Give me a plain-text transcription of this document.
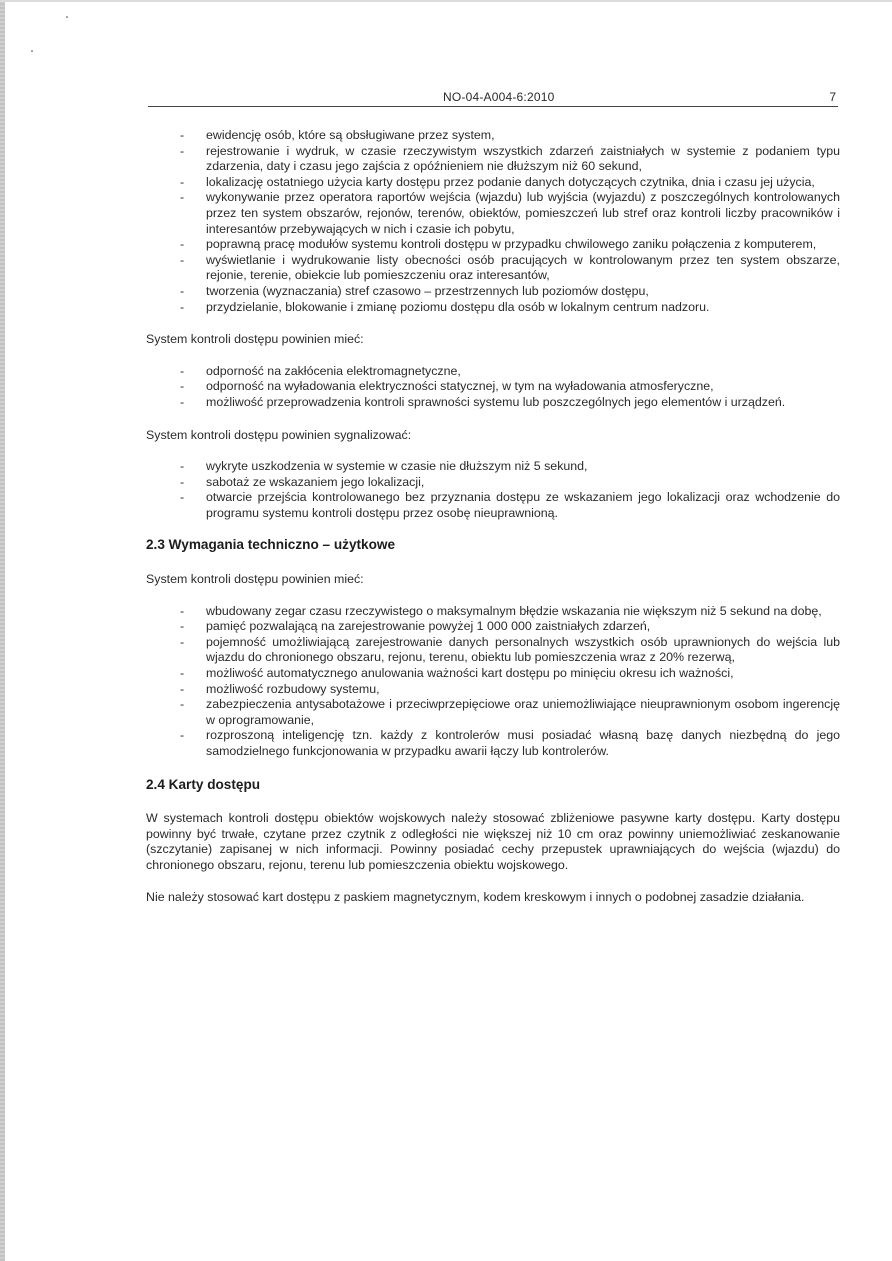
NO-04-A004-6:2010	7
- ewidencję osób, które są obsługiwane przez system,
- rejestrowanie i wydruk, w czasie rzeczywistym wszystkich zdarzeń zaistniałych w systemie z podaniem typu zdarzenia, daty i czasu jego zajścia z opóźnieniem nie dłuższym niż 60 sekund,
- lokalizację ostatniego użycia karty dostępu przez podanie danych dotyczących czytnika, dnia i czasu jej użycia,
- wykonywanie przez operatora raportów wejścia (wjazdu) lub wyjścia (wyjazdu) z poszczególnych kontrolowanych przez ten system obszarów, rejonów, terenów, obiektów, pomieszczeń lub stref oraz kontroli liczby pracowników i interesantów przebywających w nich i czasie ich pobytu,
- poprawną pracę modułów systemu kontroli dostępu w przypadku chwilowego zaniku połączenia z komputerem,
- wyświetlanie i wydrukowanie listy obecności osób pracujących w kontrolowanym przez ten system obszarze, rejonie, terenie, obiekcie lub pomieszczeniu oraz interesantów,
- tworzenia (wyznaczania) stref czasowo – przestrzennych lub poziomów dostępu,
- przydzielanie, blokowanie i zmianę poziomu dostępu dla osób w lokalnym centrum nadzoru.

System kontroli dostępu powinien mieć:

- odporność na zakłócenia elektromagnetyczne,
- odporność na wyładowania elektryczności statycznej, w tym na wyładowania atmosferyczne,
- możliwość przeprowadzenia kontroli sprawności systemu lub poszczególnych jego elementów i urządzeń.

System kontroli dostępu powinien sygnalizować:

- wykryte uszkodzenia w systemie w czasie nie dłuższym niż 5 sekund,
- sabotaż ze wskazaniem jego lokalizacji,
- otwarcie przejścia kontrolowanego bez przyznania dostępu ze wskazaniem jego lokalizacji oraz wchodzenie do programu systemu kontroli dostępu przez osobę nieuprawnioną.
2.3 Wymagania techniczno – użytkowe

System kontroli dostępu powinien mieć:

- wbudowany zegar czasu rzeczywistego o maksymalnym błędzie wskazania nie większym niż 5 sekund na dobę,
- pamięć pozwalającą na zarejestrowanie powyżej 1 000 000 zaistniałych zdarzeń,
- pojemność umożliwiającą zarejestrowanie danych personalnych wszystkich osób uprawnionych do wejścia lub wjazdu do chronionego obszaru, rejonu, terenu, obiektu lub pomieszczenia wraz z 20% rezerwą,
- możliwość automatycznego anulowania ważności kart dostępu po minięciu okresu ich ważności,
- możliwość rozbudowy systemu,
- zabezpieczenia antysabotażowe i przeciwprzepięciowe oraz uniemożliwiające nieuprawnionym osobom ingerencję w oprogramowanie,
- rozproszoną inteligencję tzn. każdy z kontrolerów musi posiadać własną bazę danych niezbędną do jego samodzielnego funkcjonowania w przypadku awarii łączy lub kontrolerów.
2.4 Karty dostępu

W systemach kontroli dostępu obiektów wojskowych należy stosować zbliżeniowe pasywne karty dostępu. Karty dostępu powinny być trwałe, czytane przez czytnik z odległości nie większej niż 10 cm oraz powinny uniemożliwiać zeskanowanie (szczytanie) zapisanej w nich informacji. Powinny posiadać cechy przepustek uprawniających do wejścia (wjazdu) do chronionego obszaru, rejonu, terenu lub pomieszczenia obiektu wojskowego.

Nie należy stosować kart dostępu z paskiem magnetycznym, kodem kreskowym i innych o podobnej zasadzie działania.
